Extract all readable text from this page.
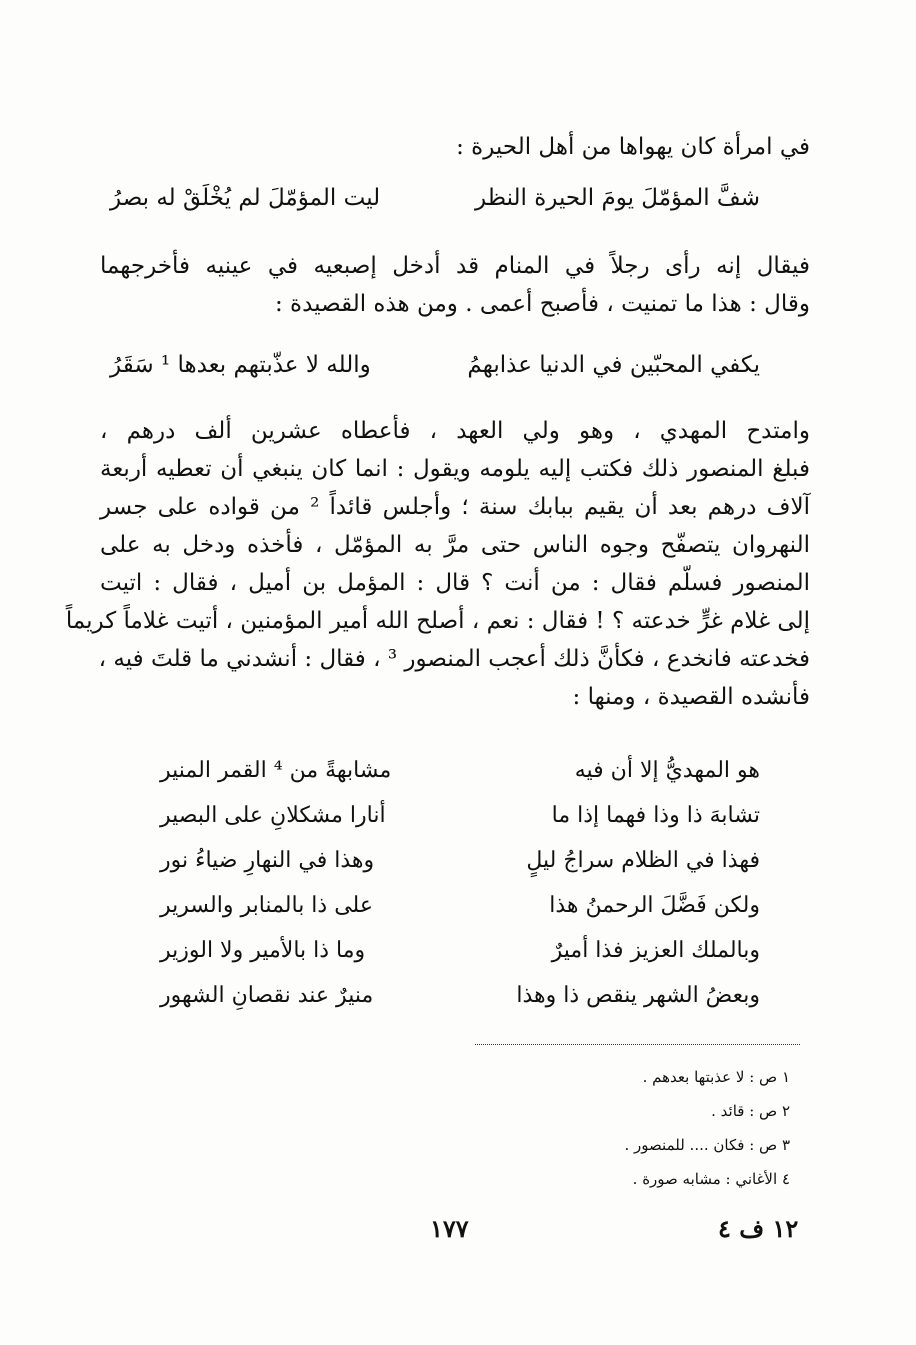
في امرأة كان يهواها من أهل الحيرة :
شفَّ المؤمّلَ يومَ الحيرة النظر
ليت المؤمّلَ لم يُخْلَقْ له بصرُ
فيقال إنه رأى رجلاً في المنام قد أدخل إصبعيه في عينيه فأخرجهما
وقال : هذا ما تمنيت ، فأصبح أعمى . ومن هذه القصيدة :
يكفي المحبّين في الدنيا عذابهمُ
والله لا عذّبتهم بعدها ¹ سَقَرُ
وامتدح المهدي ، وهو ولي العهد ، فأعطاه عشرين ألف درهم ،
فبلغ المنصور ذلك فكتب إليه يلومه ويقول : انما كان ينبغي أن تعطيه أربعة
آلاف درهم بعد أن يقيم ببابك سنة ؛ وأجلس قائداً ² من قواده على جسر
النهروان يتصفّح وجوه الناس حتى مرَّ به المؤمّل ، فأخذه ودخل به على
المنصور فسلّم فقال : من أنت ؟ قال : المؤمل بن أميل ، فقال : اتيت
إلى غلام غرٍّ خدعته ؟ ! فقال : نعم ، أصلح الله أمير المؤمنين ، أتيت غلاماً كريماً
فخدعته فانخدع ، فكأنَّ ذلك أعجب المنصور ³ ، فقال : أنشدني ما قلتَ فيه ،
فأنشده القصيدة ، ومنها :
هو المهديُّ إلا أن فيه
مشابهةً من ⁴ القمر المنير
تشابهَ ذا وذا فهما إذا ما
أنارا مشكلانِ على البصير
فهذا في الظلام سراجُ ليلٍ
وهذا في النهارِ ضياءُ نور
ولكن فَضَّلَ الرحمنُ هذا
على ذا بالمنابر والسرير
وبالملك العزيز فذا أميرٌ
وما ذا بالأمير ولا الوزير
وبعضُ الشهر ينقص ذا وهذا
منيرٌ عند نقصانِ الشهور
١ ص : لا عذبتها بعدهم .
٢ ص : قائد .
٣ ص : فكان .... للمنصور .
٤ الأغاني : مشابه صورة .
١٧٧	١٢ ف ٤
